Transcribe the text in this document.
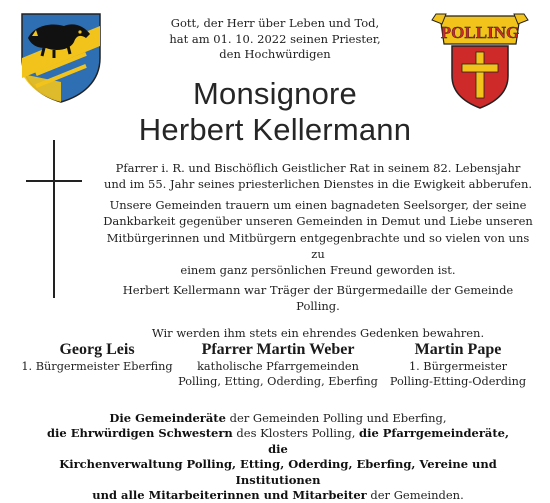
POLLING
Gott, der Herr über Leben und Tod,
hat am 01. 10. 2022 seinen Priester,
den Hochwürdigen
Monsignore
Herbert Kellermann

Pfarrer i. R. und Bischöflich Geistlicher Rat in seinem 82. Lebensjahr
und im 55. Jahr seines priesterlichen Dienstes in die Ewigkeit abberufen.

Unsere Gemeinden trauern um einen bagnadeten Seelsorger, der seine
Dankbarkeit gegenüber unseren Gemeinden in Demut und Liebe unseren
Mitbürgerinnen und Mitbürgern entgegenbrachte und so vielen von uns zu
einem ganz persönlichen Freund geworden ist.

Herbert Kellermann war Träger der Bürgermedaille der Gemeinde Polling.

Wir werden ihm stets ein ehrendes Gedenken bewahren.

Georg Leis
1. Bürgermeister Eberfing
Pfarrer Martin Weber
katholische Pfarrgemeinden
Polling, Etting, Oderding, Eberfing
Martin Pape
1. Bürgermeister
Polling-Etting-Oderding
Die Gemeinderäte der Gemeinden Polling und Eberfing,
die Ehrwürdigen Schwestern des Klosters Polling, die Pfarrgemeinderäte, die
Kirchenverwaltung Polling, Etting, Oderding, Eberfing, Vereine und Institutionen
und alle Mitarbeiterinnen und Mitarbeiter der Gemeinden.
